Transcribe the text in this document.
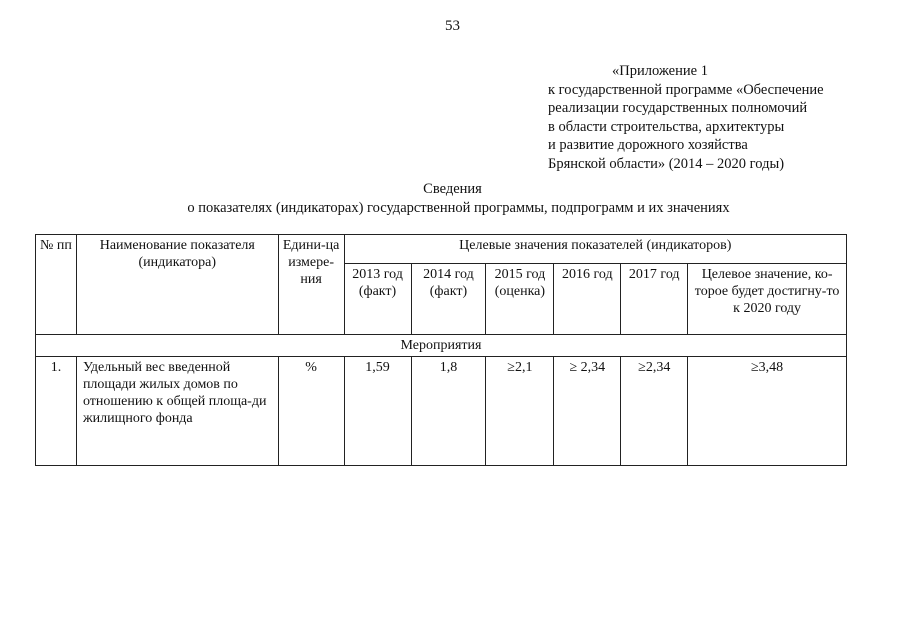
53
«Приложение 1
к государственной программе «Обеспечение
реализации государственных полномочий
в области строительства, архитектуры
и развитие дорожного хозяйства
Брянской области» (2014 – 2020 годы)
Сведения
о показателях (индикаторах) государственной программы, подпрограмм и их значениях
№ пп	Наименование показателя (индикатора)	Едини-ца измере-ния	Целевые значения показателей (индикаторов)					
			2013 год (факт)	2014 год (факт)	2015 год (оценка)	2016 год	2017 год	Целевое значение, ко-торое будет достигну-то к 2020 году
Мероприятия								
1.	Удельный вес введенной площади жилых домов по отношению к общей площа-ди жилищного фонда	%	1,59	1,8	≥2,1	≥ 2,34	≥2,34	≥3,48
